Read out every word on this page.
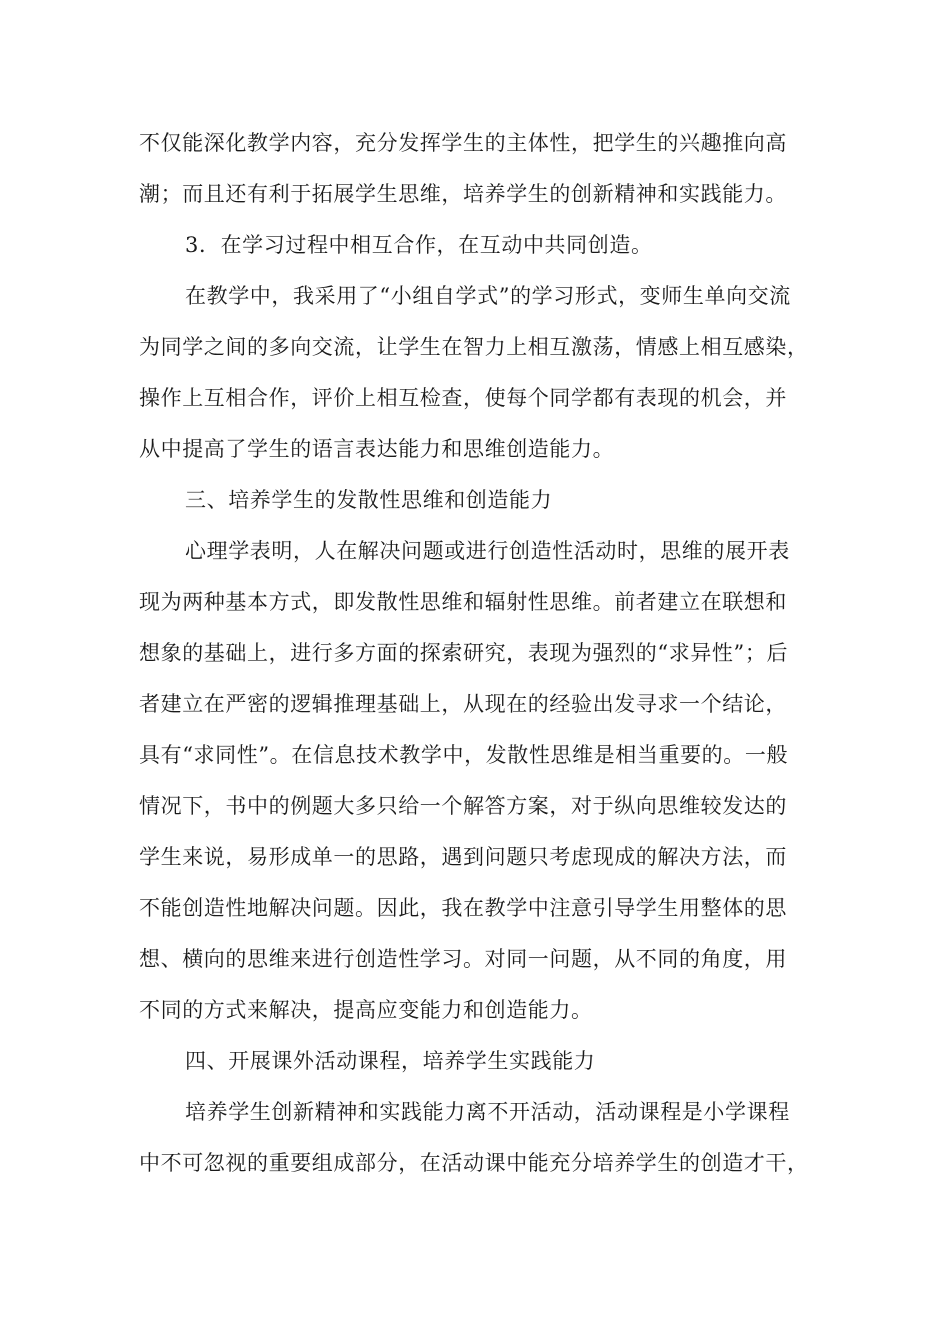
不仅能深化教学内容，充分发挥学生的主体性，把学生的兴趣推向高
潮；而且还有利于拓展学生思维，培养学生的创新精神和实践能力。
3．在学习过程中相互合作，在互动中共同创造。
在教学中，我采用了“小组自学式”的学习形式，变师生单向交流
为同学之间的多向交流，让学生在智力上相互激荡，情感上相互感染，
操作上互相合作，评价上相互检查，使每个同学都有表现的机会，并
从中提高了学生的语言表达能力和思维创造能力。
三、培养学生的发散性思维和创造能力
心理学表明，人在解决问题或进行创造性活动时，思维的展开表
现为两种基本方式，即发散性思维和辐射性思维。前者建立在联想和
想象的基础上，进行多方面的探索研究，表现为强烈的“求异性”；后
者建立在严密的逻辑推理基础上，从现在的经验出发寻求一个结论，
具有“求同性”。在信息技术教学中，发散性思维是相当重要的。一般
情况下，书中的例题大多只给一个解答方案，对于纵向思维较发达的
学生来说，易形成单一的思路，遇到问题只考虑现成的解决方法，而
不能创造性地解决问题。因此，我在教学中注意引导学生用整体的思
想、横向的思维来进行创造性学习。对同一问题，从不同的角度，用
不同的方式来解决，提高应变能力和创造能力。
四、开展课外活动课程，培养学生实践能力
培养学生创新精神和实践能力离不开活动，活动课程是小学课程
中不可忽视的重要组成部分，在活动课中能充分培养学生的创造才干，
